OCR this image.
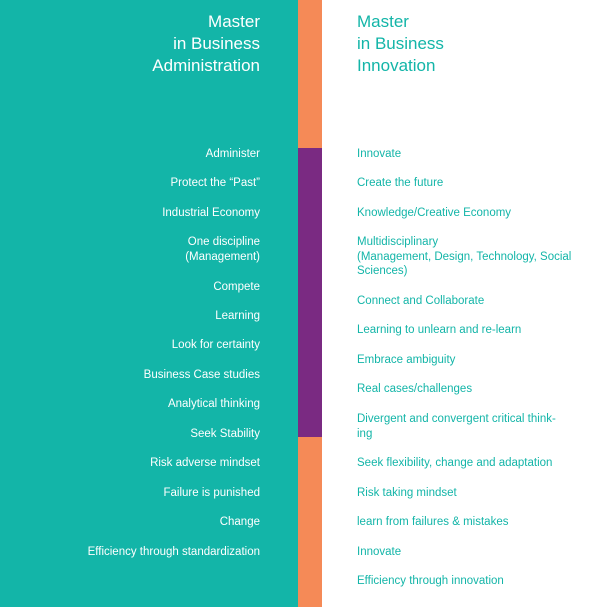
Master
in Business
Administration
Master
in Business
Innovation
Administer
Protect the “Past”
Industrial Economy
One discipline
(Management)
Compete
Learning
Look for certainty
Business Case studies
Analytical thinking
Seek Stability
Risk adverse mindset
Failure is punished
Change
Efficiency through standardization
Innovate
Create the future
Knowledge/Creative Economy
Multidisciplinary
(Management, Design, Technology, Social
Sciences)
Connect and Collaborate
Learning to unlearn and re-learn
Embrace ambiguity
Real cases/challenges
Divergent and convergent critical think-
ing
Seek flexibility, change and adaptation
Risk taking mindset
learn from failures & mistakes
Innovate
Efficiency through innovation
